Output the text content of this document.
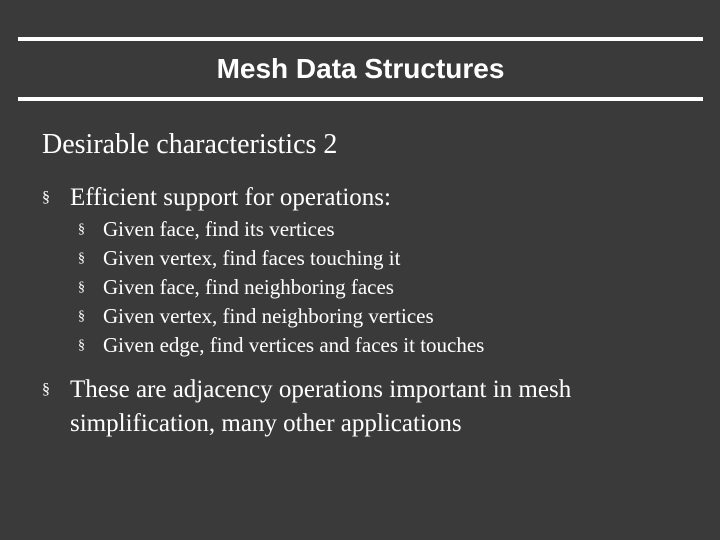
Mesh Data Structures
Desirable characteristics 2
§ Efficient support for operations:
§ Given face, find its vertices
§ Given vertex, find faces touching it
§ Given face, find neighboring faces
§ Given vertex, find neighboring vertices
§ Given edge, find vertices and faces it touches
§ These are adjacency operations important in mesh simplification, many other applications
